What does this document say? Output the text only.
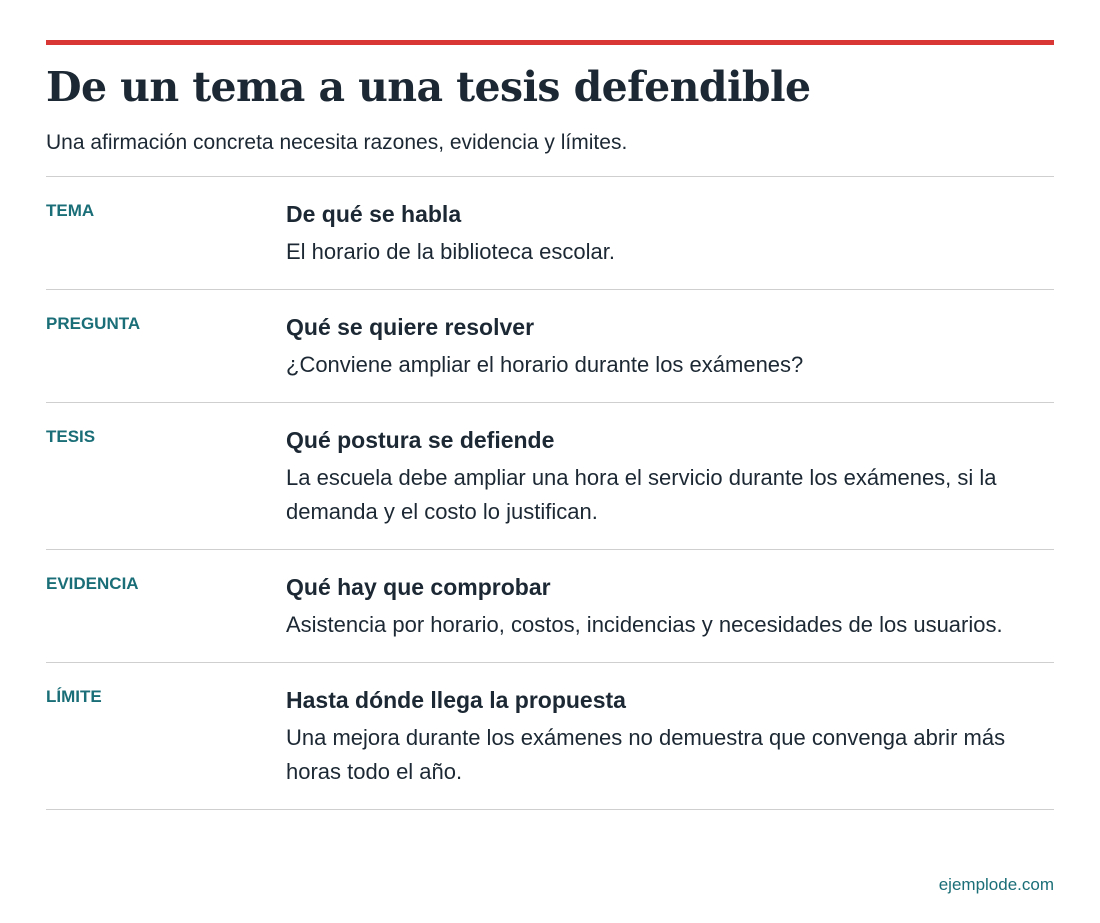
De un tema a una tesis defendible

Una afirmación concreta necesita razones, evidencia y límites.

TEMA	De qué se habla
El horario de la biblioteca escolar.
PREGUNTA	Qué se quiere resolver
¿Conviene ampliar el horario durante los exámenes?
TESIS	Qué postura se defiende
La escuela debe ampliar una hora el servicio durante los exámenes, si la demanda y el costo lo justifican.
EVIDENCIA	Qué hay que comprobar
Asistencia por horario, costos, incidencias y necesidades de los usuarios.
LÍMITE	Hasta dónde llega la propuesta
Una mejora durante los exámenes no demuestra que convenga abrir más horas todo el año.
ejemplode.com
